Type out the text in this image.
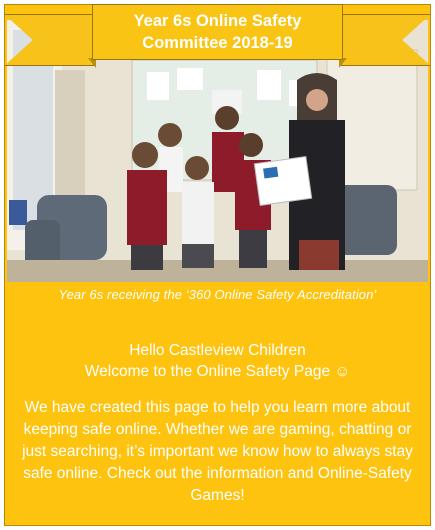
Year 6s Online Safety
Committee 2018-19
Year 6s receiving the ‘360 Online Safety Accreditation’
Hello Castleview Children
Welcome to the Online Safety Page ☺
We have created this page to help you learn more about keeping safe online. Whether we are gaming, chatting or just searching, it’s important we know how to always stay safe online. Check out the information and Online-Safety Games!
